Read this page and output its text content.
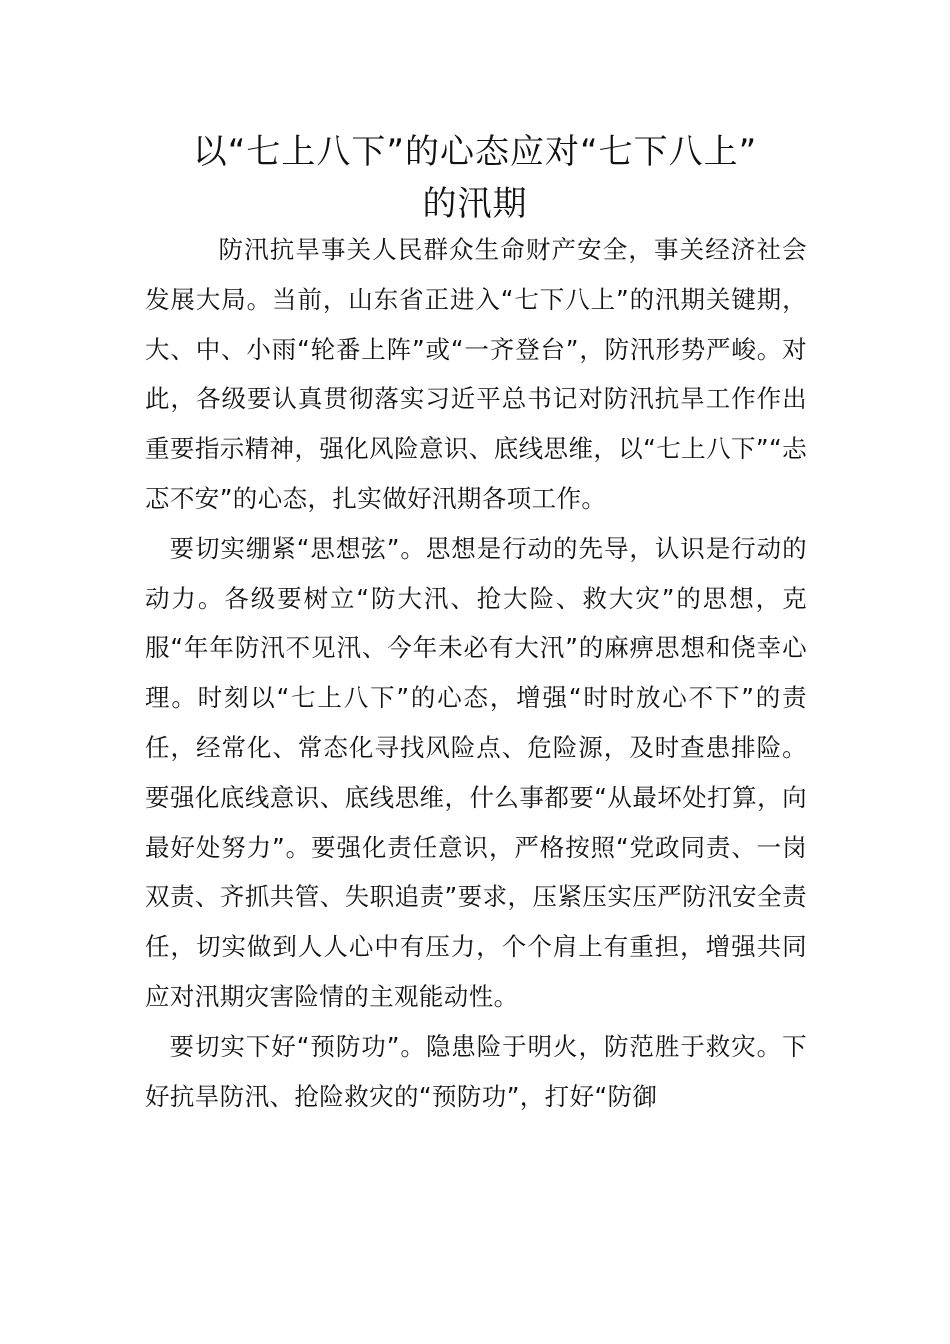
以“七上八下”的心态应对“七下八上”
的汛期

防汛抗旱事关人民群众生命财产安全，事关经济社会发展大局。当前，山东省正进入“七下八上”的汛期关键期，大、中、小雨“轮番上阵”或“一齐登台”，防汛形势严峻。对此，各级要认真贯彻落实习近平总书记对防汛抗旱工作作出重要指示精神，强化风险意识、底线思维，以“七上八下”“忐忑不安”的心态，扎实做好汛期各项工作。

要切实绷紧“思想弦”。思想是行动的先导，认识是行动的动力。各级要树立“防大汛、抢大险、救大灾”的思想，克服“年年防汛不见汛、今年未必有大汛”的麻痹思想和侥幸心理。时刻以“七上八下”的心态，增强“时时放心不下”的责任，经常化、常态化寻找风险点、危险源，及时查患排险。要强化底线意识、底线思维，什么事都要“从最坏处打算，向最好处努力”。要强化责任意识，严格按照“党政同责、一岗双责、齐抓共管、失职追责”要求，压紧压实压严防汛安全责任，切实做到人人心中有压力，个个肩上有重担，增强共同应对汛期灾害险情的主观能动性。

要切实下好“预防功”。隐患险于明火，防范胜于救灾。下好抗旱防汛、抢险救灾的“预防功”，打好“防御
